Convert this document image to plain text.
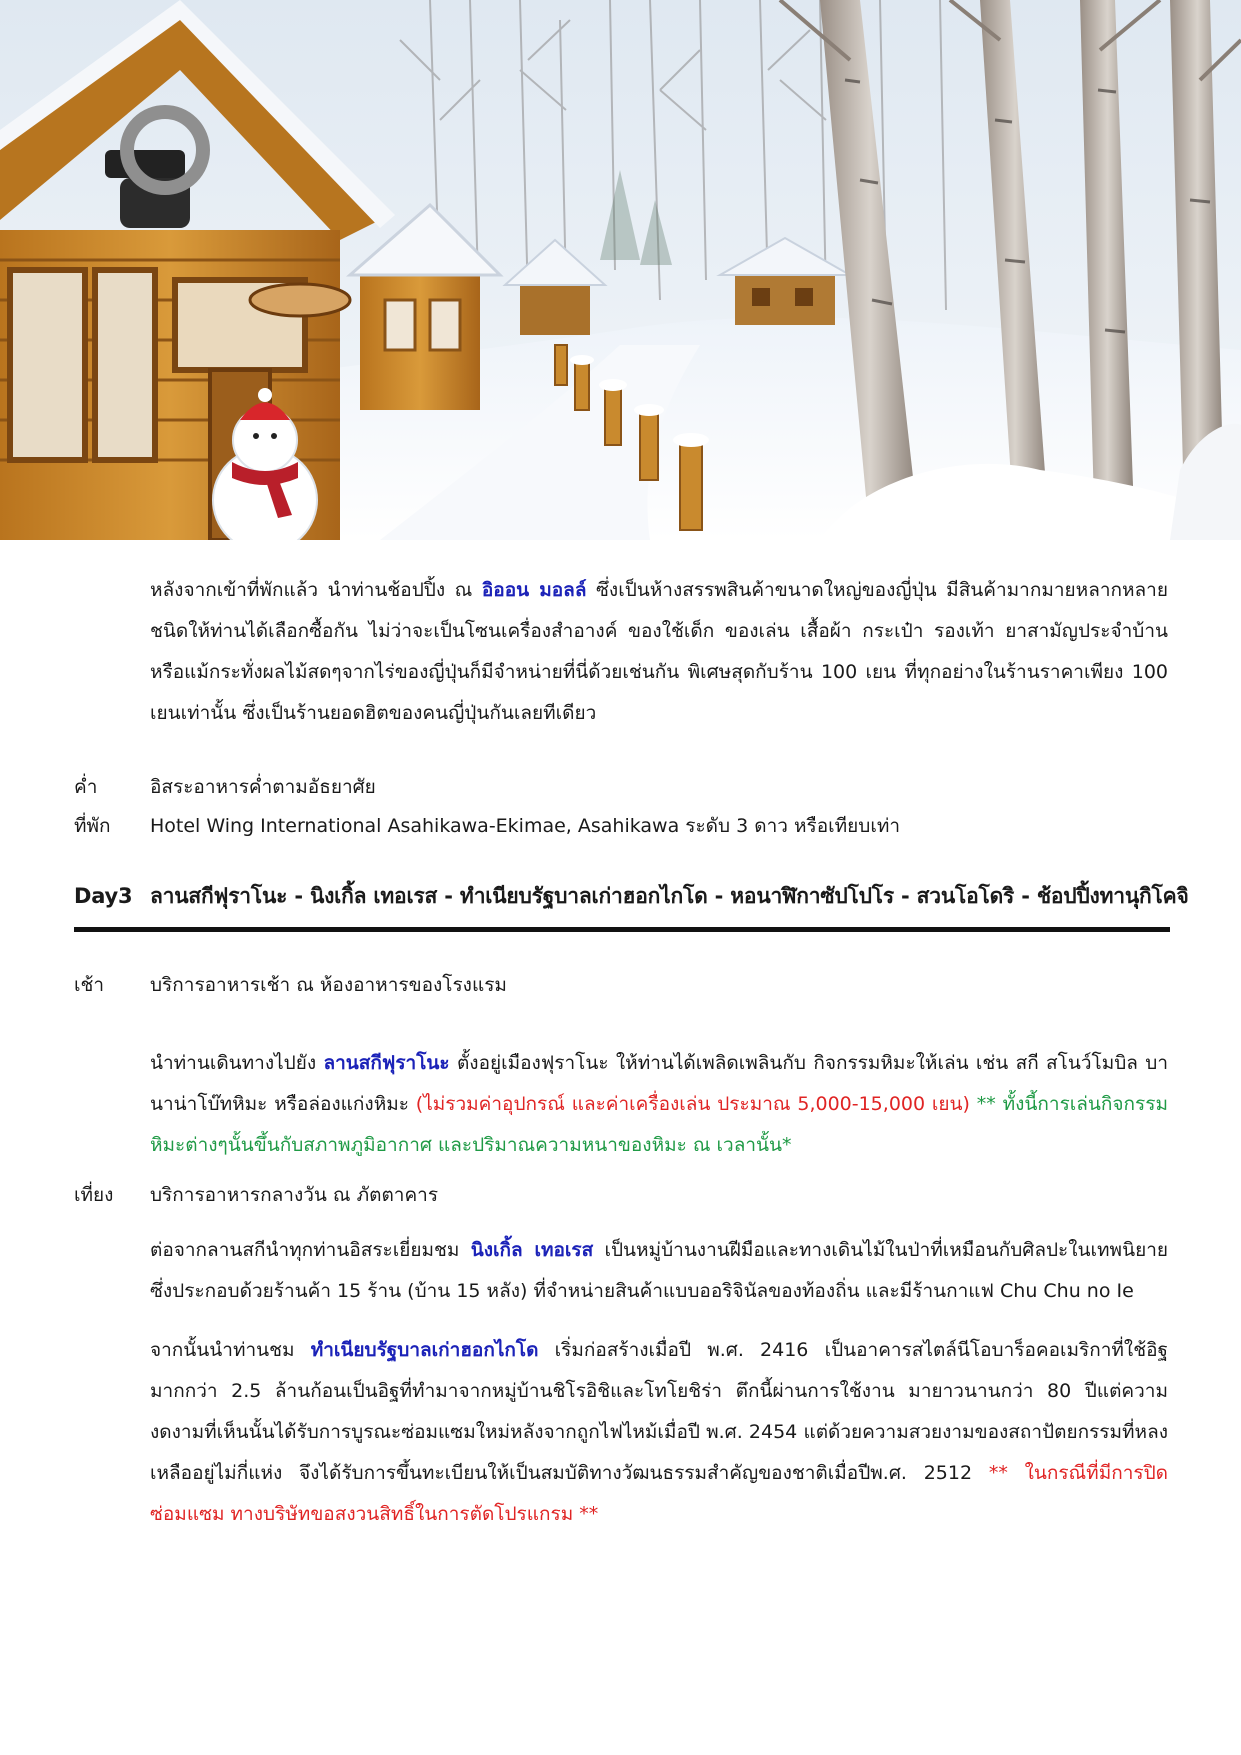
หลังจากเข้าที่พักแล้ว นำท่านช้อปปิ้ง ณ อิออน มอลล์ ซึ่งเป็นห้างสรรพสินค้าขนาดใหญ่ของญี่ปุ่น มีสินค้ามากมายหลากหลายชนิดให้ท่านได้เลือกซื้อกัน ไม่ว่าจะเป็นโซนเครื่องสำอางค์ ของใช้เด็ก ของเล่น เสื้อผ้า กระเป๋า รองเท้า ยาสามัญประจำบ้านหรือแม้กระทั่งผลไม้สดๆจากไร่ของญี่ปุ่นก็มีจำหน่ายที่นี่ด้วยเช่นกัน พิเศษสุดกับร้าน 100 เยน ที่ทุกอย่างในร้านราคาเพียง 100 เยนเท่านั้น ซึ่งเป็นร้านยอดฮิตของคนญี่ปุ่นกันเลยทีเดียว

ค่ำ	อิสระอาหารค่ำตามอัธยาศัย
ที่พัก	Hotel Wing International Asahikawa-Ekimae, Asahikawa ระดับ 3 ดาว หรือเทียบเท่า
Day3 ลานสกีฟุราโนะ - นิงเกิ้ล เทอเรส - ทำเนียบรัฐบาลเก่าฮอกไกโด - หอนาฬิกาซัปโปโร - สวนโอโดริ - ช้อปปิ้งทานุกิโคจิ
เช้า	บริการอาหารเช้า ณ ห้องอาหารของโรงแรม

นำท่านเดินทางไปยัง ลานสกีฟุราโนะ ตั้งอยู่เมืองฟุราโนะ ให้ท่านได้เพลิดเพลินกับ กิจกรรมหิมะให้เล่น เช่น สกี สโนว์โมบิล บานาน่าโบ๊ทหิมะ หรือล่องแก่งหิมะ (ไม่รวมค่าอุปกรณ์ และค่าเครื่องเล่น ประมาณ 5,000-15,000 เยน) ** ทั้งนี้การเล่นกิจกรรมหิมะต่างๆนั้นขึ้นกับสภาพภูมิอากาศ และปริมาณความหนาของหิมะ ณ เวลานั้น*

เที่ยง	บริการอาหารกลางวัน ณ ภัตตาคาร

ต่อจากลานสกีนำทุกท่านอิสระเยี่ยมชม นิงเกิ้ล เทอเรส เป็นหมู่บ้านงานฝีมือและทางเดินไม้ในป่าที่เหมือนกับศิลปะในเทพนิยาย ซึ่งประกอบด้วยร้านค้า 15 ร้าน (บ้าน 15 หลัง) ที่จำหน่ายสินค้าแบบออริจินัลของท้องถิ่น และมีร้านกาแฟ Chu Chu no Ie

จากนั้นนำท่านชม ทำเนียบรัฐบาลเก่าฮอกไกโด เริ่มก่อสร้างเมื่อปี พ.ศ. 2416 เป็นอาคารสไตล์นีโอบาร็อคอเมริกาที่ใช้อิฐมากกว่า 2.5 ล้านก้อนเป็นอิฐที่ทำมาจากหมู่บ้านชิโรอิชิและโทโยชิร่า ตึกนี้ผ่านการใช้งาน มายาวนานกว่า 80 ปีแต่ความงดงามที่เห็นนั้นได้รับการบูรณะซ่อมแซมใหม่หลังจากถูกไฟไหม้เมื่อปี พ.ศ. 2454 แต่ด้วยความสวยงามของสถาปัตยกรรมที่หลงเหลืออยู่ไม่กี่แห่ง จึงได้รับการขึ้นทะเบียนให้เป็นสมบัติทางวัฒนธรรมสำคัญของชาติเมื่อปีพ.ศ. 2512 ** ในกรณีที่มีการปิดซ่อมแซม ทางบริษัทขอสงวนสิทธิ์ในการตัดโปรแกรม **
